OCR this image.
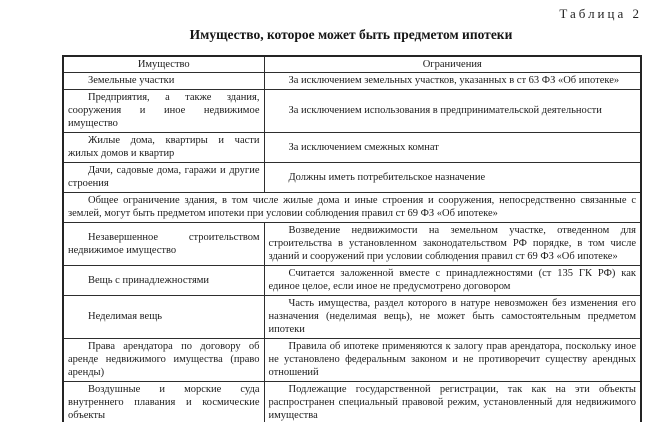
Таблица 2
Имущество, которое может быть предметом ипотеки
Имущество	Ограничения
Земельные участки	За исключением земельных участков, указанных в ст 63 ФЗ «Об ипотеке»
Предприятия, а также здания, сооружения и иное недвижимое имущество	За исключением использования в предпринимательской деятельности
Жилые дома, квартиры и части жилых домов и квартир	За исключением смежных комнат
Дачи, садовые дома, гаражи и другие строения	Должны иметь потребительское назначение
Общее ограничение здания, в том числе жилые дома и иные строения и сооружения, непосредственно связанные с землей, могут быть предметом ипотеки при условии соблюдения правил ст 69 ФЗ «Об ипотеке»	
Незавершенное строительством недвижимое имущество	Возведение недвижимости на земельном участке, отведенном для строительства в установленном законодательством РФ порядке, в том числе зданий и сооружений при условии соблюдения правил ст 69 ФЗ «Об ипотеке»
Вещь с принадлежностями	Считается заложенной вместе с принадлежностями (ст 135 ГК РФ) как единое целое, если иное не предусмотрено договором
Неделимая вещь	Часть имущества, раздел которого в натуре невозможен без изменения его назначения (неделимая вещь), не может быть самостоятельным предметом ипотеки
Права арендатора по договору об аренде недвижимого имущества (право аренды)	Правила об ипотеке применяются к залогу прав арендатора, поскольку иное не установлено федеральным законом и не противоречит существу арендных отношений
Воздушные и морские суда внутреннего плавания и космические объекты	Подлежащие государственной регистрации, так как на эти объекты распространен специальный правовой режим, установленный для недвижимого имущества
